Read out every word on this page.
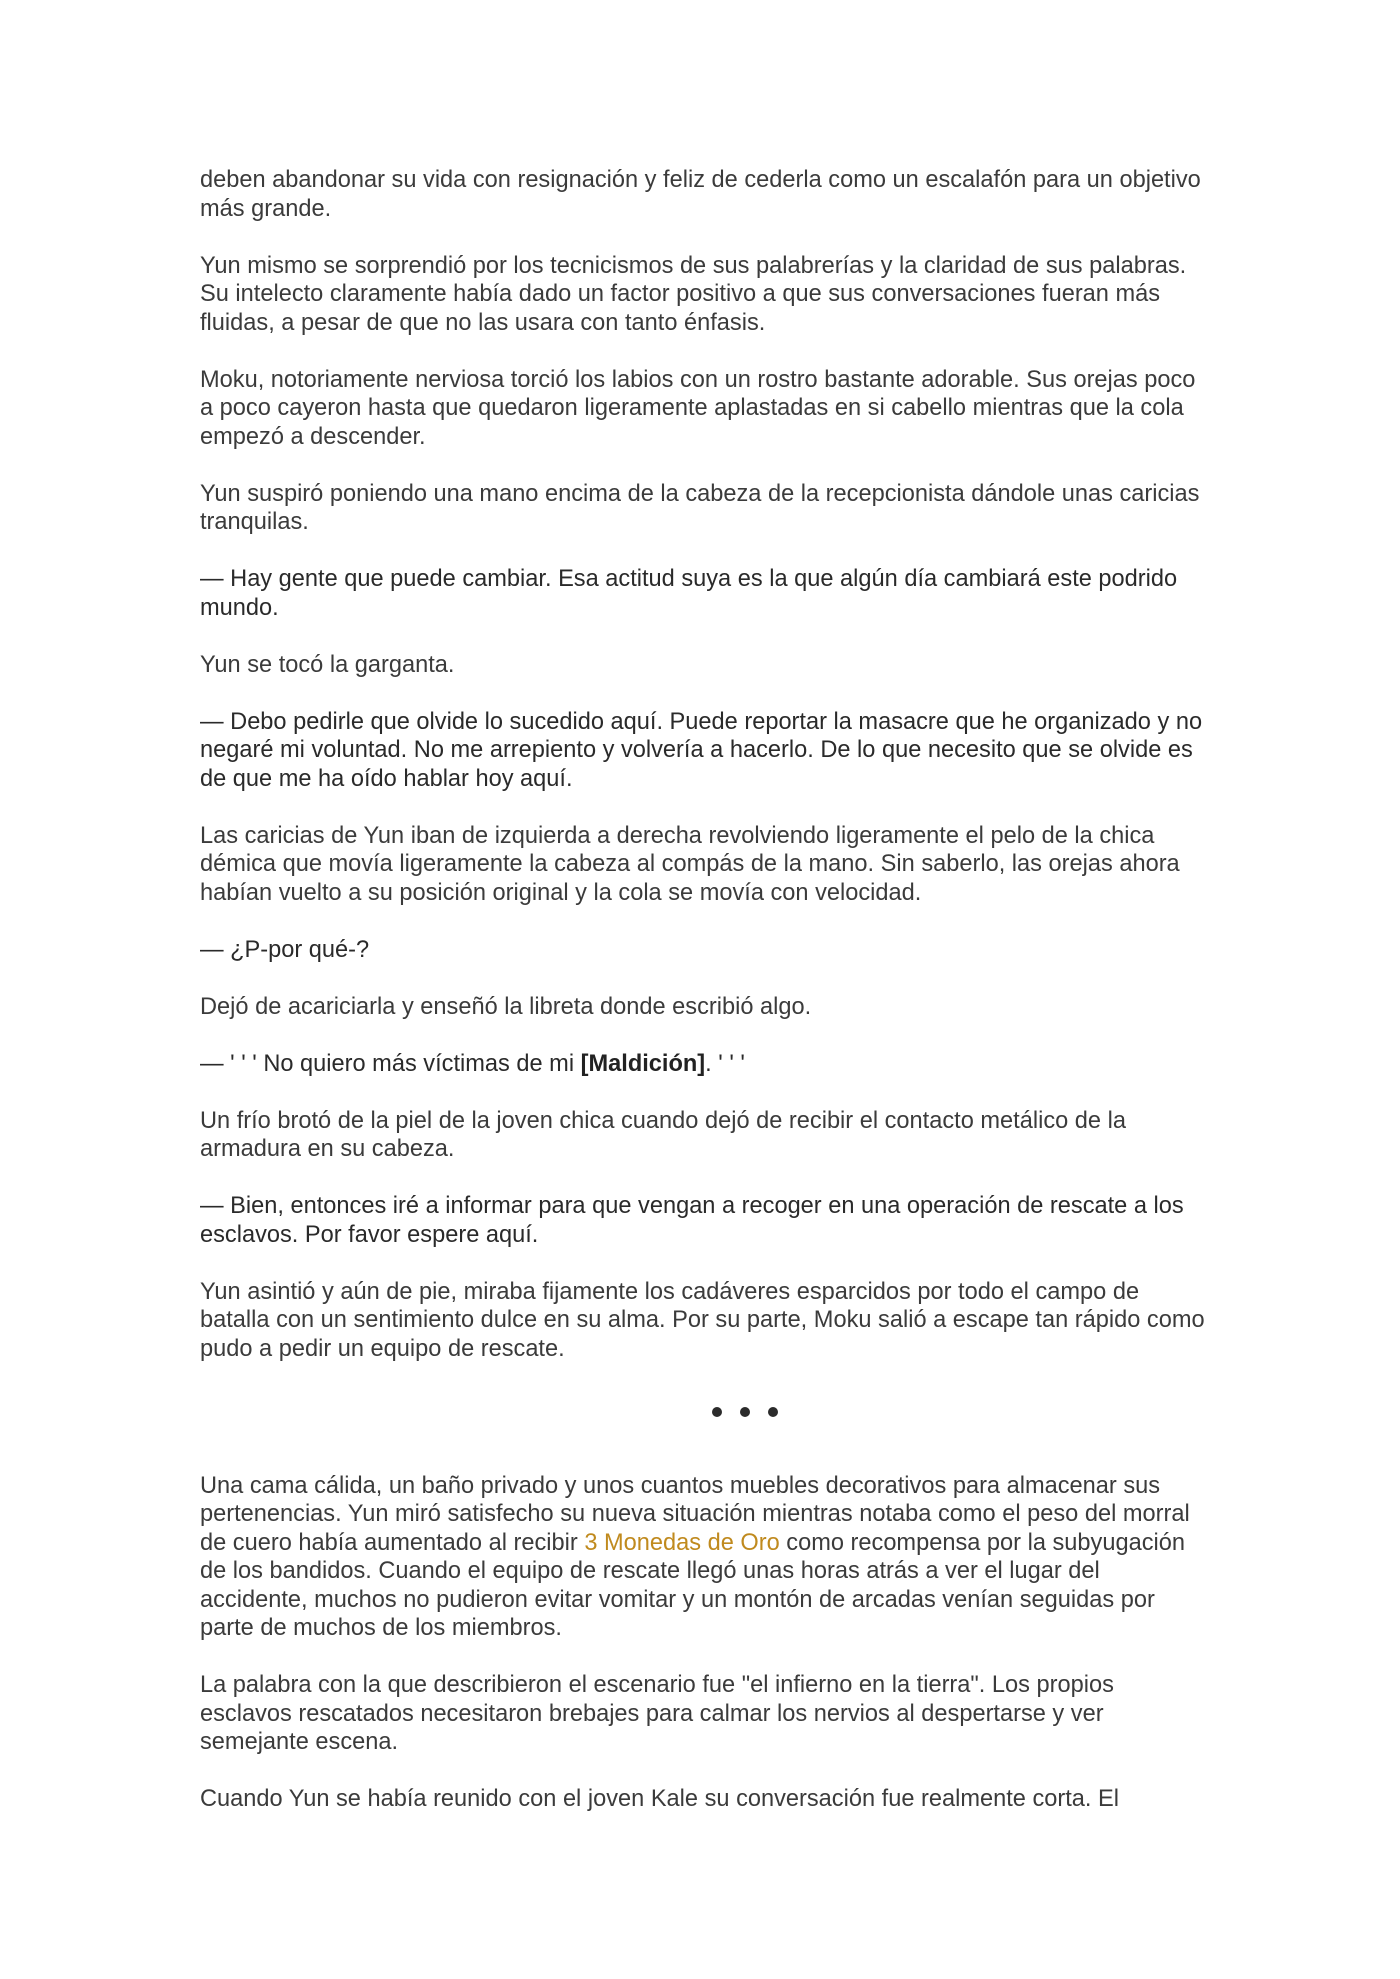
deben abandonar su vida con resignación y feliz de cederla como un escalafón para un objetivo más grande.

Yun mismo se sorprendió por los tecnicismos de sus palabrerías y la claridad de sus palabras. Su intelecto claramente había dado un factor positivo a que sus conversaciones fueran más fluidas, a pesar de que no las usara con tanto énfasis.

Moku, notoriamente nerviosa torció los labios con un rostro bastante adorable. Sus orejas poco a poco cayeron hasta que quedaron ligeramente aplastadas en si cabello mientras que la cola empezó a descender.

Yun suspiró poniendo una mano encima de la cabeza de la recepcionista dándole unas caricias tranquilas.

— Hay gente que puede cambiar. Esa actitud suya es la que algún día cambiará este podrido mundo.

Yun se tocó la garganta.

— Debo pedirle que olvide lo sucedido aquí. Puede reportar la masacre que he organizado y no negaré mi voluntad. No me arrepiento y volvería a hacerlo. De lo que necesito que se olvide es de que me ha oído hablar hoy aquí.

Las caricias de Yun iban de izquierda a derecha revolviendo ligeramente el pelo de la chica démica que movía ligeramente la cabeza al compás de la mano. Sin saberlo, las orejas ahora habían vuelto a su posición original y la cola se movía con velocidad.

— ¿P-por qué-?

Dejó de acariciarla y enseñó la libreta donde escribió algo.

— ' ' ' No quiero más víctimas de mi [Maldición]. ' ' '

Un frío brotó de la piel de la joven chica cuando dejó de recibir el contacto metálico de la armadura en su cabeza.

— Bien, entonces iré a informar para que vengan a recoger en una operación de rescate a los esclavos. Por favor espere aquí.

Yun asintió y aún de pie, miraba fijamente los cadáveres esparcidos por todo el campo de batalla con un sentimiento dulce en su alma. Por su parte, Moku salió a escape tan rápido como pudo a pedir un equipo de rescate.

Una cama cálida, un baño privado y unos cuantos muebles decorativos para almacenar sus pertenencias. Yun miró satisfecho su nueva situación mientras notaba como el peso del morral de cuero había aumentado al recibir 3 Monedas de Oro como recompensa por la subyugación de los bandidos. Cuando el equipo de rescate llegó unas horas atrás a ver el lugar del accidente, muchos no pudieron evitar vomitar y un montón de arcadas venían seguidas por parte de muchos de los miembros.

La palabra con la que describieron el escenario fue "el infierno en la tierra". Los propios esclavos rescatados necesitaron brebajes para calmar los nervios al despertarse y ver semejante escena.

Cuando Yun se había reunido con el joven Kale su conversación fue realmente corta. El
